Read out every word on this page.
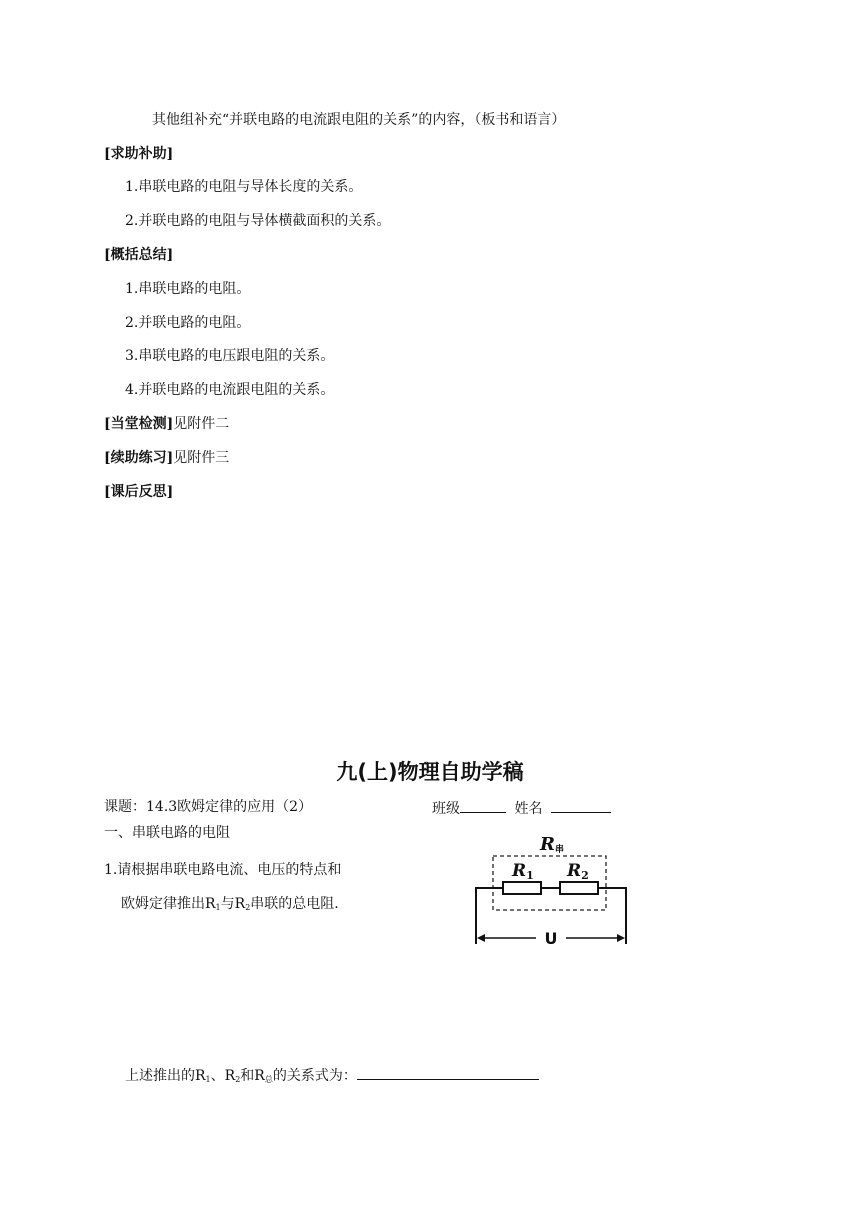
其他组补充“并联电路的电流跟电阻的关系”的内容，（板书和语言）
[求助补助]
1.串联电路的电阻与导体长度的关系。
2.并联电路的电阻与导体横截面积的关系。
[概括总结]
1.串联电路的电阻。
2.并联电路的电阻。
3.串联电路的电压跟电阻的关系。
4.并联电路的电流跟电阻的关系。
[当堂检测]见附件二
[续助练习]见附件三
[课后反思]
九(上)物理自助学稿
课题：14.3欧姆定律的应用（2）	班级	姓名
一、串联电路的电阻
1.请根据串联电路电流、电压的特点和
欧姆定律推出$R_1$与$R_2$串联的总电阻.
上述推出的$R_1$、$R_2$和$R_总$的关系式为：
R串
R1 R2
U
